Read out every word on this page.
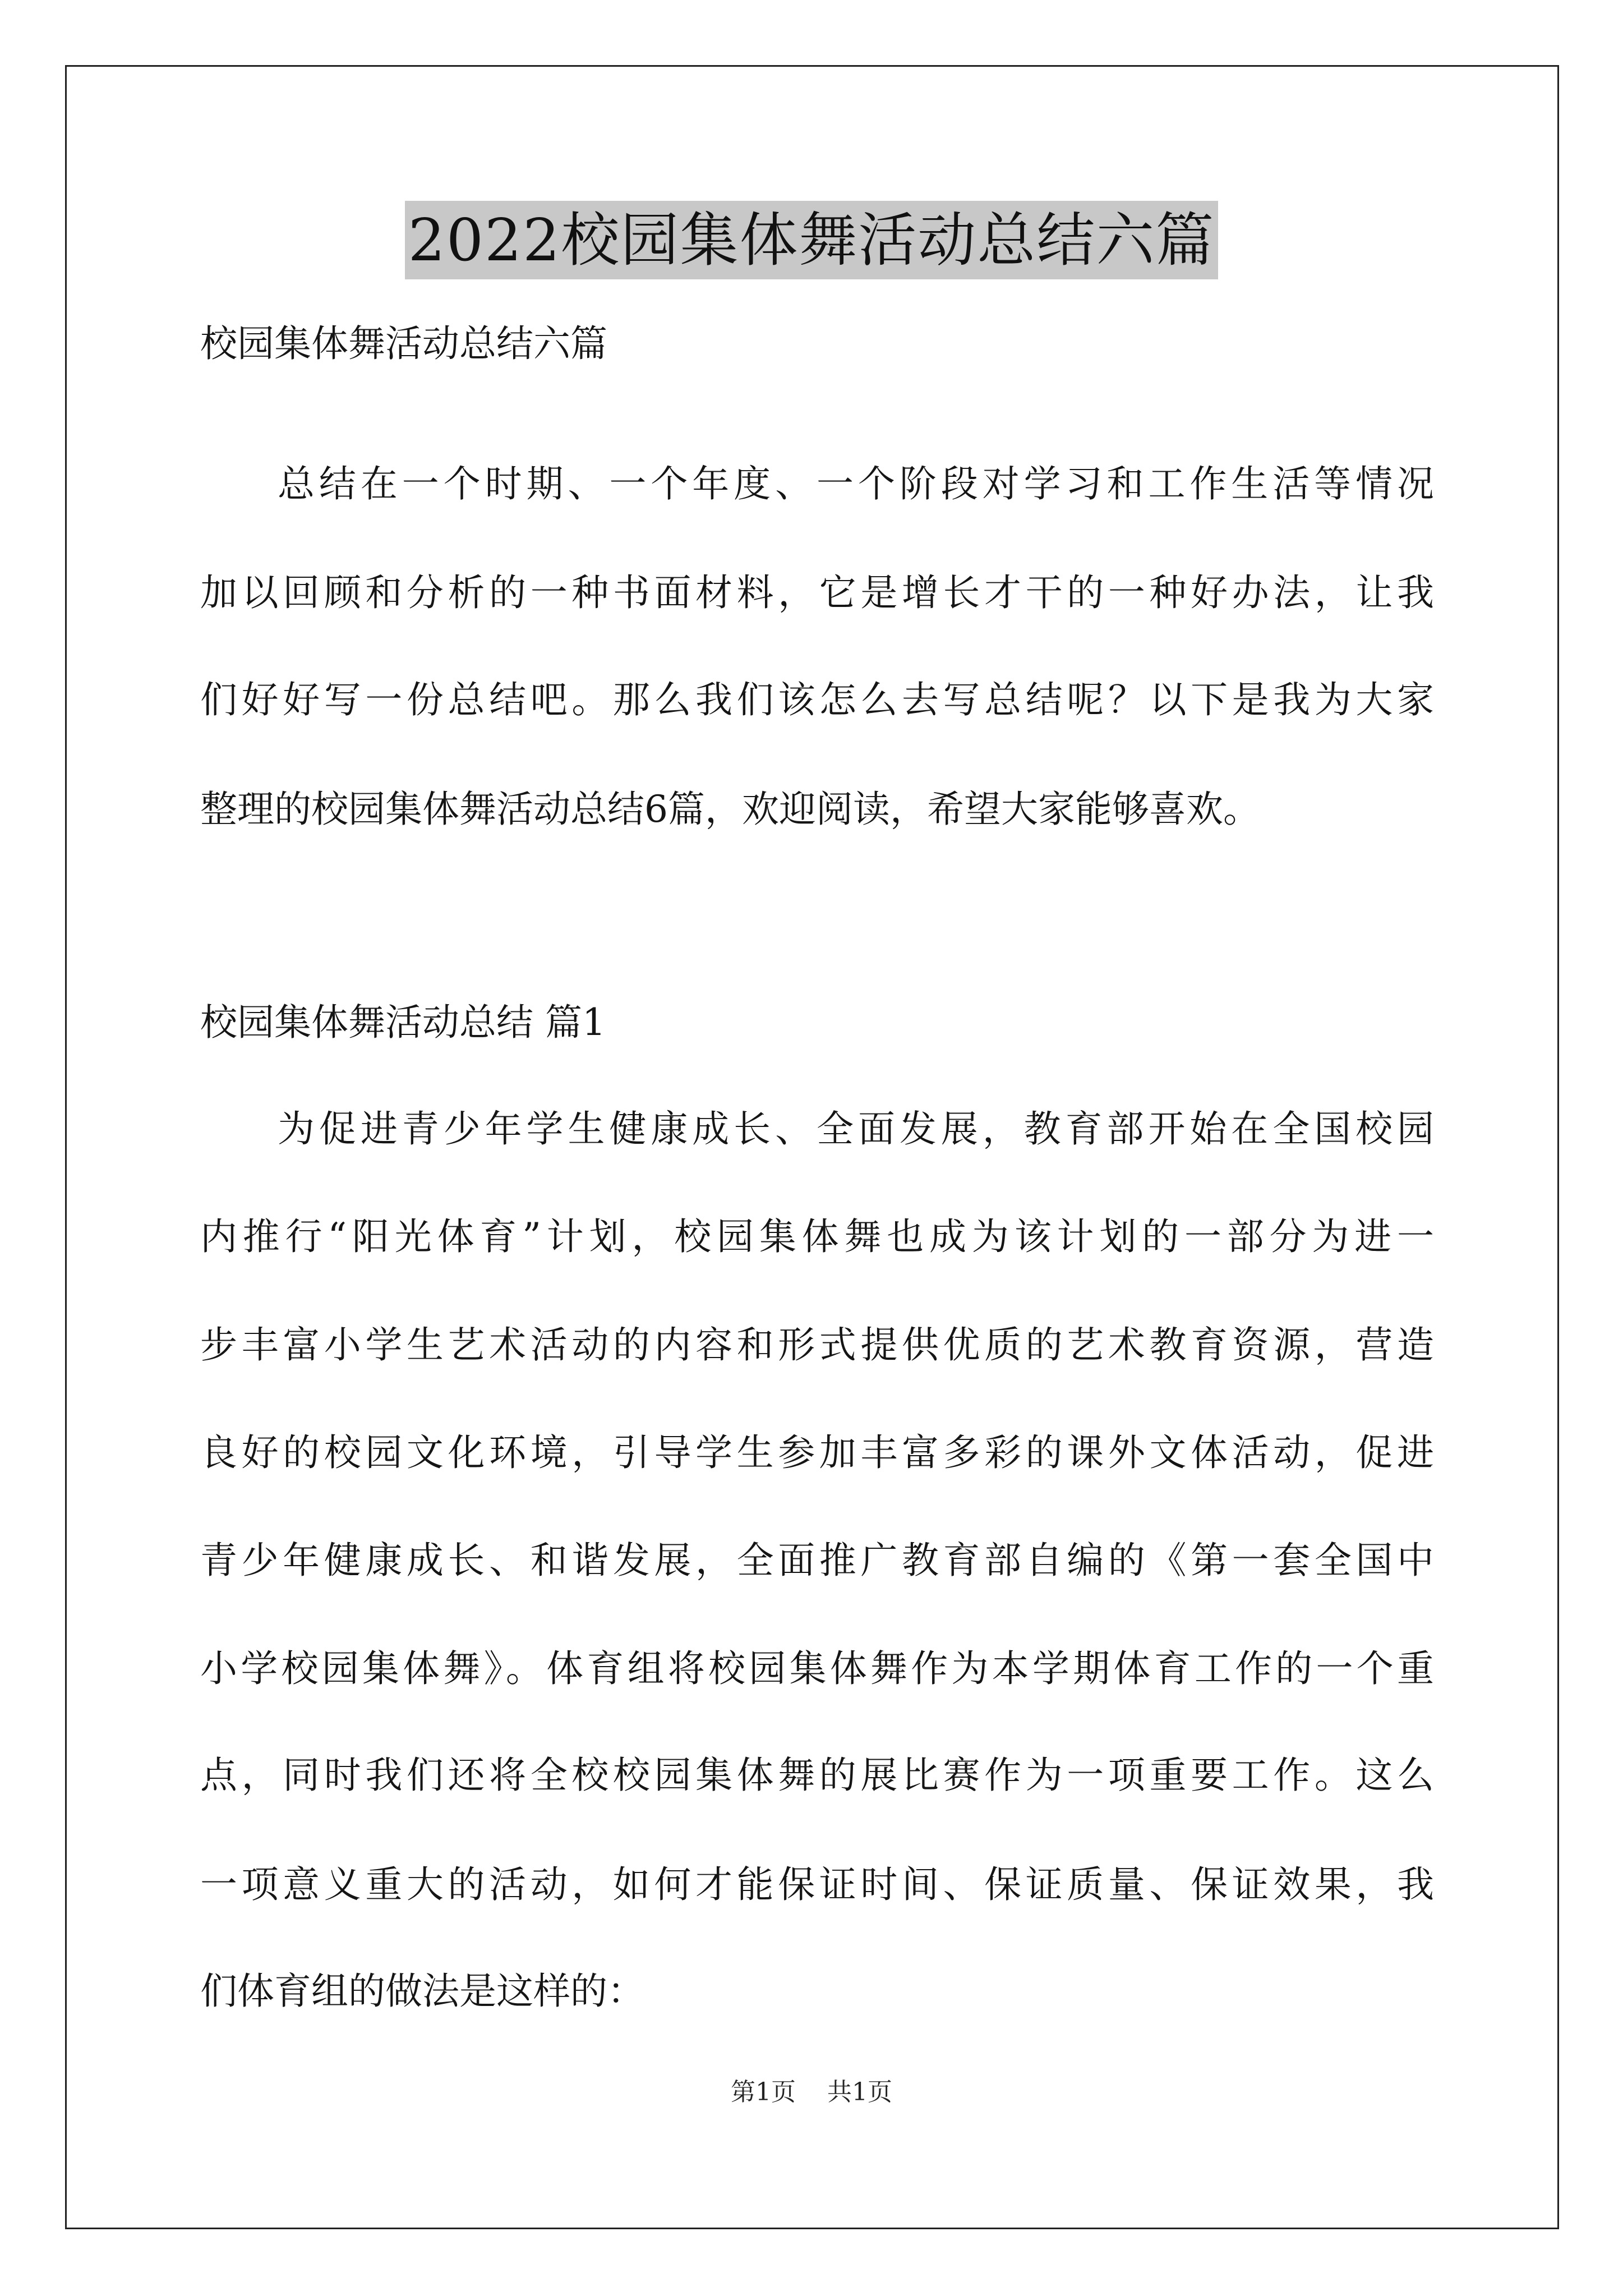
2022校园集体舞活动总结六篇
校园集体舞活动总结六篇
总结在一个时期、一个年度、一个阶段对学习和工作生活等情况
加以回顾和分析的一种书面材料，它是增长才干的一种好办法，让我
们好好写一份总结吧。那么我们该怎么去写总结呢？以下是我为大家
整理的校园集体舞活动总结6篇，欢迎阅读，希望大家能够喜欢。
校园集体舞活动总结 篇1
为促进青少年学生健康成长、全面发展，教育部开始在全国校园
内推行“阳光体育”计划，校园集体舞也成为该计划的一部分为进一
步丰富小学生艺术活动的内容和形式提供优质的艺术教育资源，营造
良好的校园文化环境，引导学生参加丰富多彩的课外文体活动，促进
青少年健康成长、和谐发展，全面推广教育部自编的《第一套全国中
小学校园集体舞》。体育组将校园集体舞作为本学期体育工作的一个重
点，同时我们还将全校校园集体舞的展比赛作为一项重要工作。这么
一项意义重大的活动，如何才能保证时间、保证质量、保证效果，我
们体育组的做法是这样的：
第1页 共1页
